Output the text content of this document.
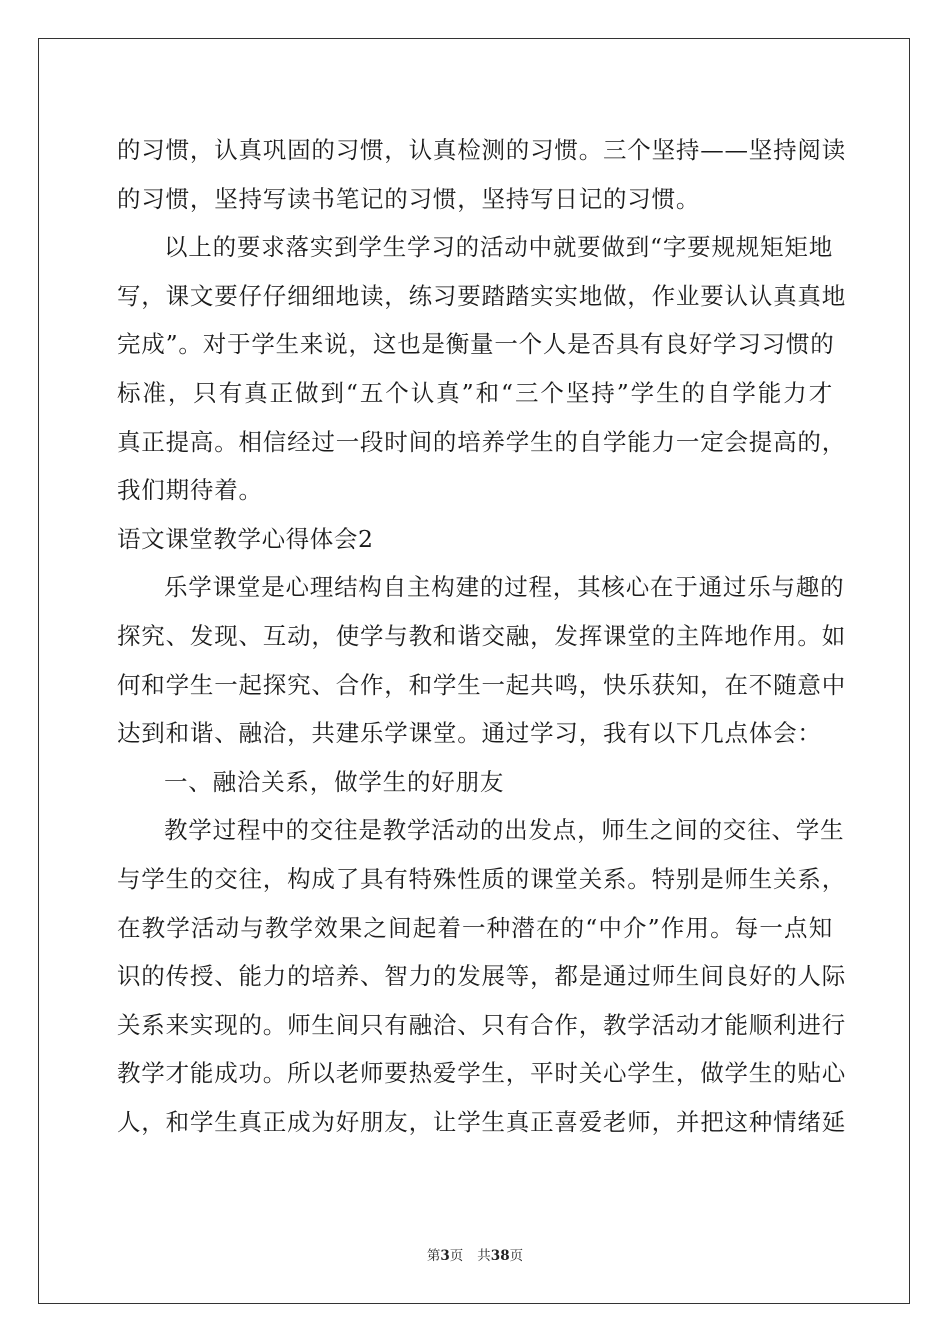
的习惯，认真巩固的习惯，认真检测的习惯。三个坚持——坚持阅读
的习惯，坚持写读书笔记的习惯，坚持写日记的习惯。
以上的要求落实到学生学习的活动中就要做到“字要规规矩矩地
写，课文要仔仔细细地读，练习要踏踏实实地做，作业要认认真真地
完成”。对于学生来说，这也是衡量一个人是否具有良好学习习惯的
标准，只有真正做到“五个认真”和“三个坚持”学生的自学能力才
真正提高。相信经过一段时间的培养学生的自学能力一定会提高的，
我们期待着。
语文课堂教学心得体会2
乐学课堂是心理结构自主构建的过程，其核心在于通过乐与趣的
探究、发现、互动，使学与教和谐交融，发挥课堂的主阵地作用。如
何和学生一起探究、合作，和学生一起共鸣，快乐获知，在不随意中
达到和谐、融洽，共建乐学课堂。通过学习，我有以下几点体会：
一、融洽关系，做学生的好朋友
教学过程中的交往是教学活动的出发点，师生之间的交往、学生
与学生的交往，构成了具有特殊性质的课堂关系。特别是师生关系，
在教学活动与教学效果之间起着一种潜在的“中介”作用。每一点知
识的传授、能力的培养、智力的发展等，都是通过师生间良好的人际
关系来实现的。师生间只有融洽、只有合作，教学活动才能顺利进行
教学才能成功。所以老师要热爱学生，平时关心学生，做学生的贴心
人，和学生真正成为好朋友，让学生真正喜爱老师，并把这种情绪延
第3页 共38页
